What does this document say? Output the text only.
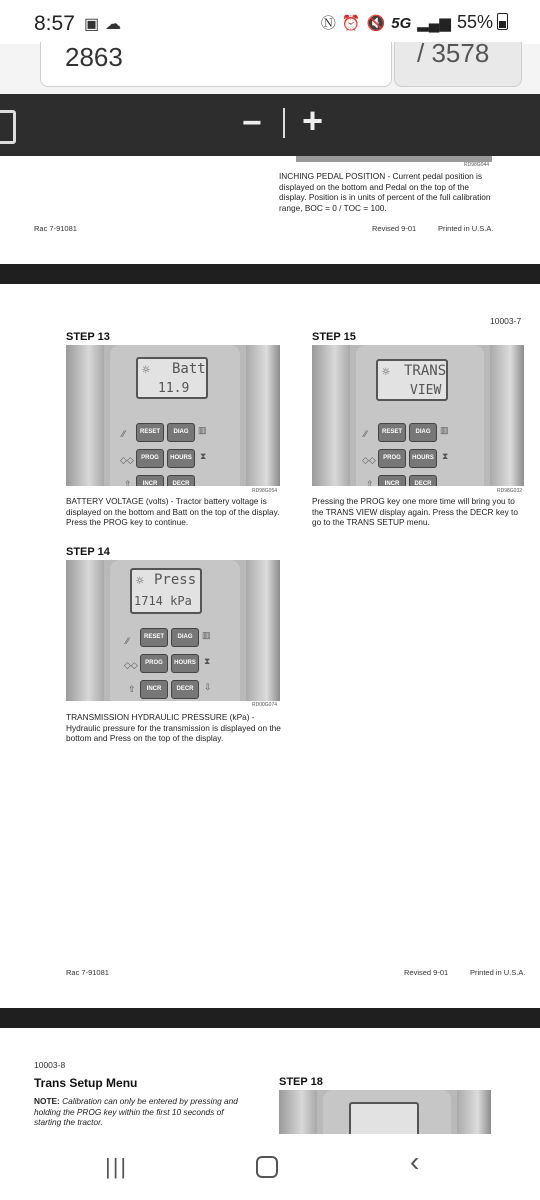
8:57 ▣☁	Ⓝ ⏰ 🔇 5G ▂▄▆ 55%
2863	/ 3578
− +
RD98G044
INCHING PEDAL POSITION - Current pedal position is displayed on the bottom and Pedal on the top of the display. Position is in units of percent of the full calibration range, BOC = 0 / TOC = 100.
Rac 7-91081	Revised 9-01	Printed in U.S.A.
10003-7
STEP 13
☼ Batt
11.9
⁄⁄	RESET	DIAG	▥
◇◇	PROG	HOURS ⧗
⇧	INCR	DECR
RD98G054
BATTERY VOLTAGE (volts) - Tractor battery voltage is displayed on the bottom and Batt on the top of the display. Press the PROG key to continue.
STEP 15
☼ TRANS
VIEW
⁄⁄	RESET	DIAG	▥
◇◇	PROG	HOURS ⧗
⇧	INCR	DECR
RD98G032
Pressing the PROG key one more time will bring you to the TRANS VIEW display again. Press the DECR key to go to the TRANS SETUP menu.
STEP 14
☼ Press
1714 kPa
⁄⁄	RESET	DIAG	▥
◇◇	PROG	HOURS ⧗
⇧	INCR	DECR	⇩
RD00G074
TRANSMISSION HYDRAULIC PRESSURE (kPa) - Hydraulic pressure for the transmission is displayed on the bottom and Press on the top of the display.
Rac 7-91081	Revised 9-01	Printed in U.S.A.
10003-8
Trans Setup Menu
NOTE: Calibration can only be entered by pressing and holding the PROG key within the first 10 seconds of starting the tractor.
STEP 18
|||	‹
